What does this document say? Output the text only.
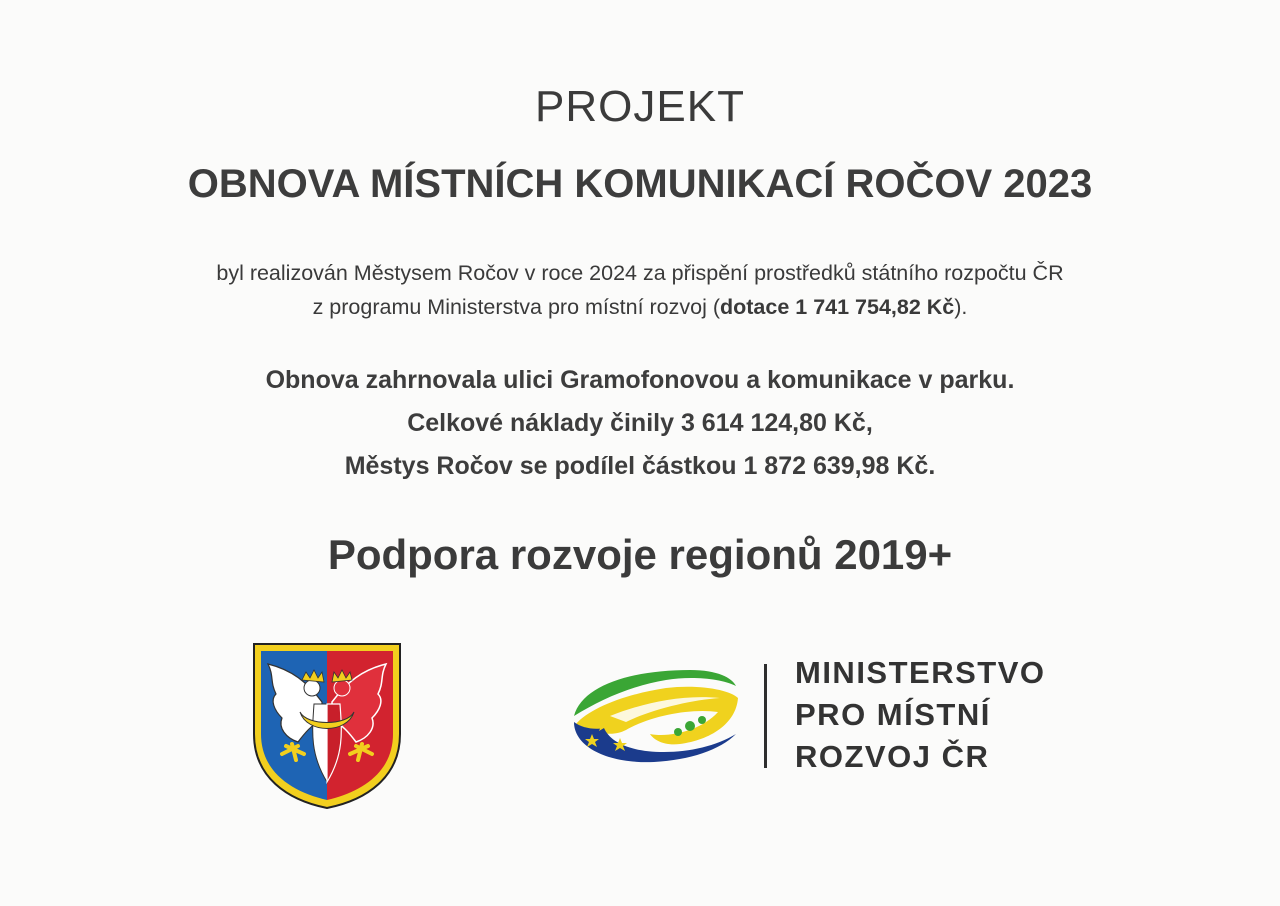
PROJEKT
OBNOVA MÍSTNÍCH KOMUNIKACÍ ROČOV 2023
byl realizován Městysem Ročov v roce 2024 za přispění prostředků státního rozpočtu ČR
z programu Ministerstva pro místní rozvoj (dotace 1 741 754,82 Kč).
Obnova zahrnovala ulici Gramofonovou a komunikace v parku.
Celkové náklady činily 3 614 124,80 Kč,
Městys Ročov se podílel částkou 1 872 639,98 Kč.
Podpora rozvoje regionů 2019+
MINISTERSTVO
PRO MÍSTNÍ
ROZVOJ ČR
